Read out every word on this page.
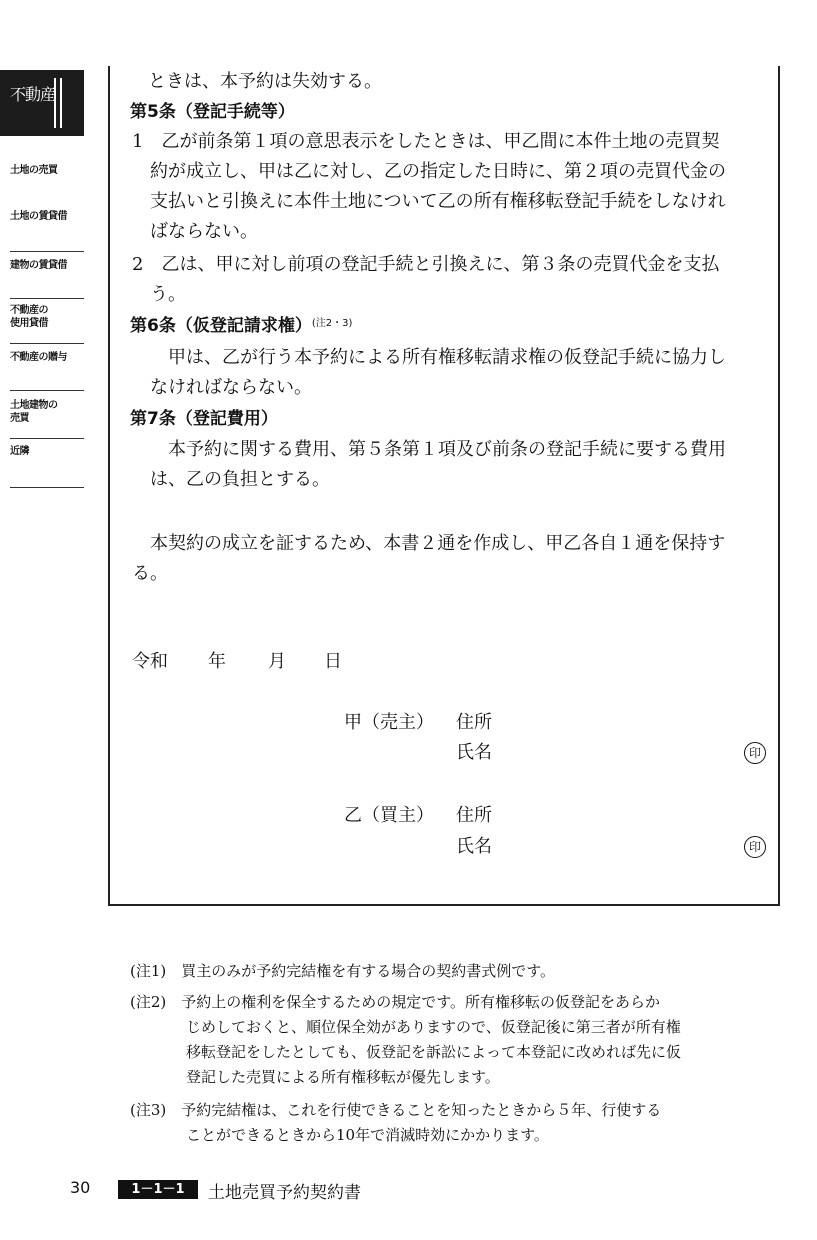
不動産
土地の売買
土地の賃貸借
建物の賃貸借
不動産の
使用貸借
不動産の贈与
土地建物の
売買
近隣
ときは、本予約は失効する。
第5条（登記手続等）
1　乙が前条第１項の意思表示をしたときは、甲乙間に本件土地の売買契
約が成立し、甲は乙に対し、乙の指定した日時に、第２項の売買代金の
支払いと引換えに本件土地について乙の所有権移転登記手続をしなけれ
ばならない。
2　乙は、甲に対し前項の登記手続と引換えに、第３条の売買代金を支払
う。
第6条（仮登記請求権）$^{(注2・3)}$
甲は、乙が行う本予約による所有権移転請求権の仮登記手続に協力し
なければならない。
第7条（登記費用）
本予約に関する費用、第５条第１項及び前条の登記手続に要する費用
は、乙の負担とする。
本契約の成立を証するため、本書２通を作成し、甲乙各自１通を保持す
る。
令和 年 月 日
甲（売主） 住所
氏名	印
乙（買主） 住所
氏名	印
(注1)　買主のみが予約完結権を有する場合の契約書式例です。
(注2)　予約上の権利を保全するための規定です。所有権移転の仮登記をあらか
じめしておくと、順位保全効がありますので、仮登記後に第三者が所有権
移転登記をしたとしても、仮登記を訴訟によって本登記に改めれば先に仮
登記した売買による所有権移転が優先します。
(注3)　予約完結権は、これを行使できることを知ったときから５年、行使する
ことができるときから10年で消滅時効にかかります。
30	1－1－1	土地売買予約契約書
